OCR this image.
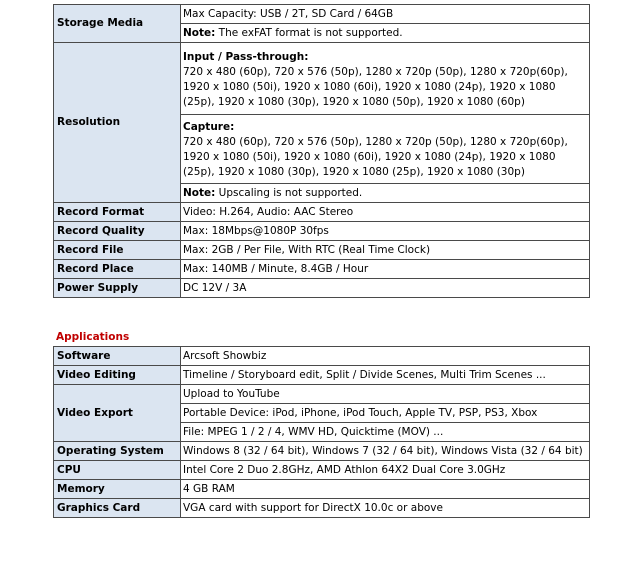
Storage Media	Max Capacity: USB / 2T, SD Card / 64GB
	Note: The exFAT format is not supported.
Resolution	Input / Pass-through:
720 x 480 (60p), 720 x 576 (50p), 1280 x 720p (50p), 1280 x 720p(60p), 1920 x 1080 (50i), 1920 x 1080 (60i), 1920 x 1080 (24p), 1920 x 1080 (25p), 1920 x 1080 (30p), 1920 x 1080 (50p), 1920 x 1080 (60p)

	Capture:
720 x 480 (60p), 720 x 576 (50p), 1280 x 720p (50p), 1280 x 720p(60p), 1920 x 1080 (50i), 1920 x 1080 (60i), 1920 x 1080 (24p), 1920 x 1080 (25p), 1920 x 1080 (30p), 1920 x 1080 (25p), 1920 x 1080 (30p)
	Note: Upscaling is not supported.
Record Format	Video: H.264, Audio: AAC Stereo
Record Quality	Max: 18Mbps@1080P 30fps
Record File	Max: 2GB / Per File, With RTC (Real Time Clock)
Record Place	Max: 140MB / Minute, 8.4GB / Hour
Power Supply	DC 12V / 3A
Applications
Software	Arcsoft Showbiz
Video Editing	Timeline / Storyboard edit, Split / Divide Scenes, Multi Trim Scenes ...
Video Export	Upload to YouTube
	Portable Device: iPod, iPhone, iPod Touch, Apple TV, PSP, PS3, Xbox
	File: MPEG 1 / 2 / 4, WMV HD, Quicktime (MOV) ...
Operating System	Windows 8 (32 / 64 bit), Windows 7 (32 / 64 bit), Windows Vista (32 / 64 bit)
CPU	Intel Core 2 Duo 2.8GHz, AMD Athlon 64X2 Dual Core 3.0GHz
Memory	4 GB RAM
Graphics Card	VGA card with support for DirectX 10.0c or above
